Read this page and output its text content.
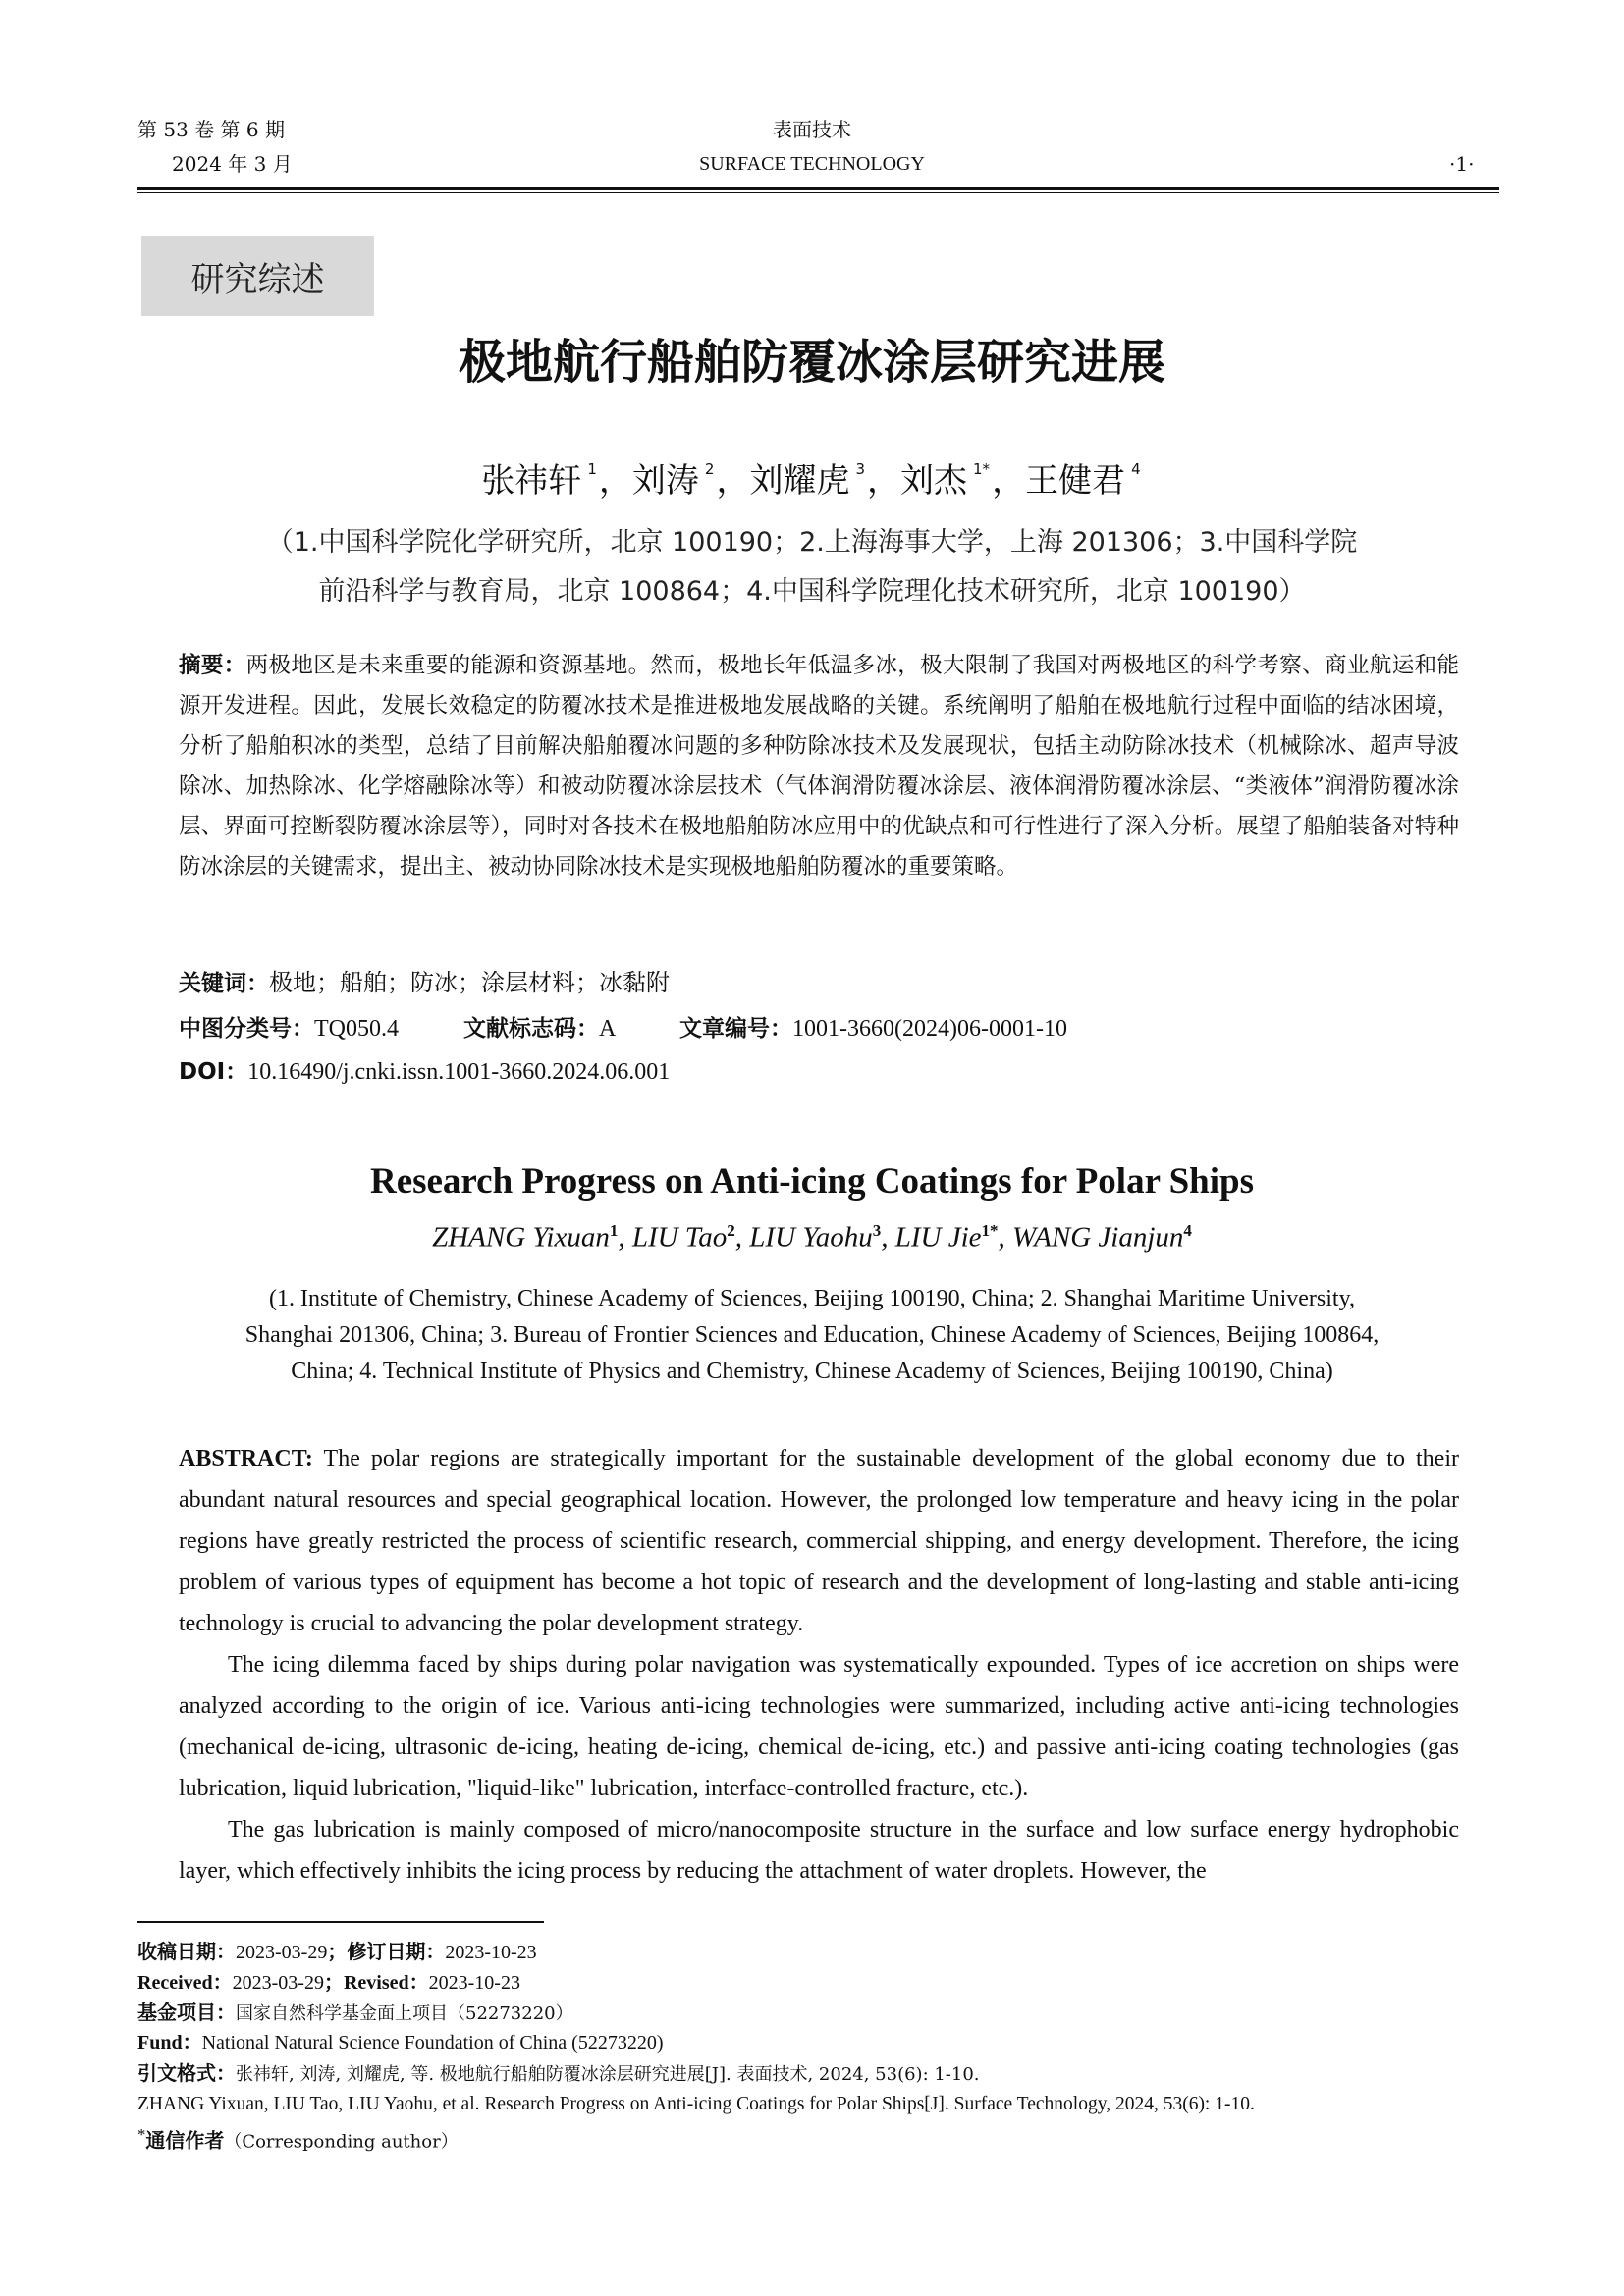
第 53 卷 第 6 期
2024 年 3 月
表面技术
SURFACE TECHNOLOGY	·1·
研究综述
极地航行船舶防覆冰涂层研究进展
张祎轩 $^1$，刘涛 $^2$，刘耀虎 $^3$，刘杰 $^{1*}$，王健君 $^4$
（1.中国科学院化学研究所，北京 100190；2.上海海事大学，上海 201306；3.中国科学院
前沿科学与教育局，北京 100864；4.中国科学院理化技术研究所，北京 100190）
摘要：两极地区是未来重要的能源和资源基地。然而，极地长年低温多冰，极大限制了我国对两极地区的科学考察、商业航运和能源开发进程。因此，发展长效稳定的防覆冰技术是推进极地发展战略的关键。系统阐明了船舶在极地航行过程中面临的结冰困境，分析了船舶积冰的类型，总结了目前解决船舶覆冰问题的多种防除冰技术及发展现状，包括主动防除冰技术（机械除冰、超声导波除冰、加热除冰、化学熔融除冰等）和被动防覆冰涂层技术（气体润滑防覆冰涂层、液体润滑防覆冰涂层、“类液体”润滑防覆冰涂层、界面可控断裂防覆冰涂层等），同时对各技术在极地船舶防冰应用中的优缺点和可行性进行了深入分析。展望了船舶装备对特种防冰涂层的关键需求，提出主、被动协同除冰技术是实现极地船舶防覆冰的重要策略。
关键词：极地；船舶；防冰；涂层材料；冰黏附
中图分类号：TQ050.4	文献标志码：A	文章编号：1001-3660(2024)06-0001-10
DOI：10.16490/j.cnki.issn.1001-3660.2024.06.001
Research Progress on Anti-icing Coatings for Polar Ships
ZHANG Yixuan$^1$, LIU Tao$^2$, LIU Yaohu$^3$, LIU Jie$^{1*}$, WANG Jianjun$^4$
(1. Institute of Chemistry, Chinese Academy of Sciences, Beijing 100190, China; 2. Shanghai Maritime University,
Shanghai 201306, China; 3. Bureau of Frontier Sciences and Education, Chinese Academy of Sciences, Beijing 100864,
China; 4. Technical Institute of Physics and Chemistry, Chinese Academy of Sciences, Beijing 100190, China)

ABSTRACT: The polar regions are strategically important for the sustainable development of the global economy due to their abundant natural resources and special geographical location. However, the prolonged low temperature and heavy icing in the polar regions have greatly restricted the process of scientific research, commercial shipping, and energy development. Therefore, the icing problem of various types of equipment has become a hot topic of research and the development of long-lasting and stable anti-icing technology is crucial to advancing the polar development strategy.

The icing dilemma faced by ships during polar navigation was systematically expounded. Types of ice accretion on ships were analyzed according to the origin of ice. Various anti-icing technologies were summarized, including active anti-icing technologies (mechanical de-icing, ultrasonic de-icing, heating de-icing, chemical de-icing, etc.) and passive anti-icing coating technologies (gas lubrication, liquid lubrication, "liquid-like" lubrication, interface-controlled fracture, etc.).

The gas lubrication is mainly composed of micro/nanocomposite structure in the surface and low surface energy hydrophobic layer, which effectively inhibits the icing process by reducing the attachment of water droplets. However, the

收稿日期：2023-03-29；修订日期：2023-10-23
Received：2023-03-29；Revised：2023-10-23
基金项目：国家自然科学基金面上项目（52273220）
Fund：National Natural Science Foundation of China (52273220)
引文格式：张祎轩, 刘涛, 刘耀虎, 等. 极地航行船舶防覆冰涂层研究进展[J]. 表面技术, 2024, 53(6): 1-10.
ZHANG Yixuan, LIU Tao, LIU Yaohu, et al. Research Progress on Anti-icing Coatings for Polar Ships[J]. Surface Technology, 2024, 53(6): 1-10.
*通信作者（Corresponding author）
